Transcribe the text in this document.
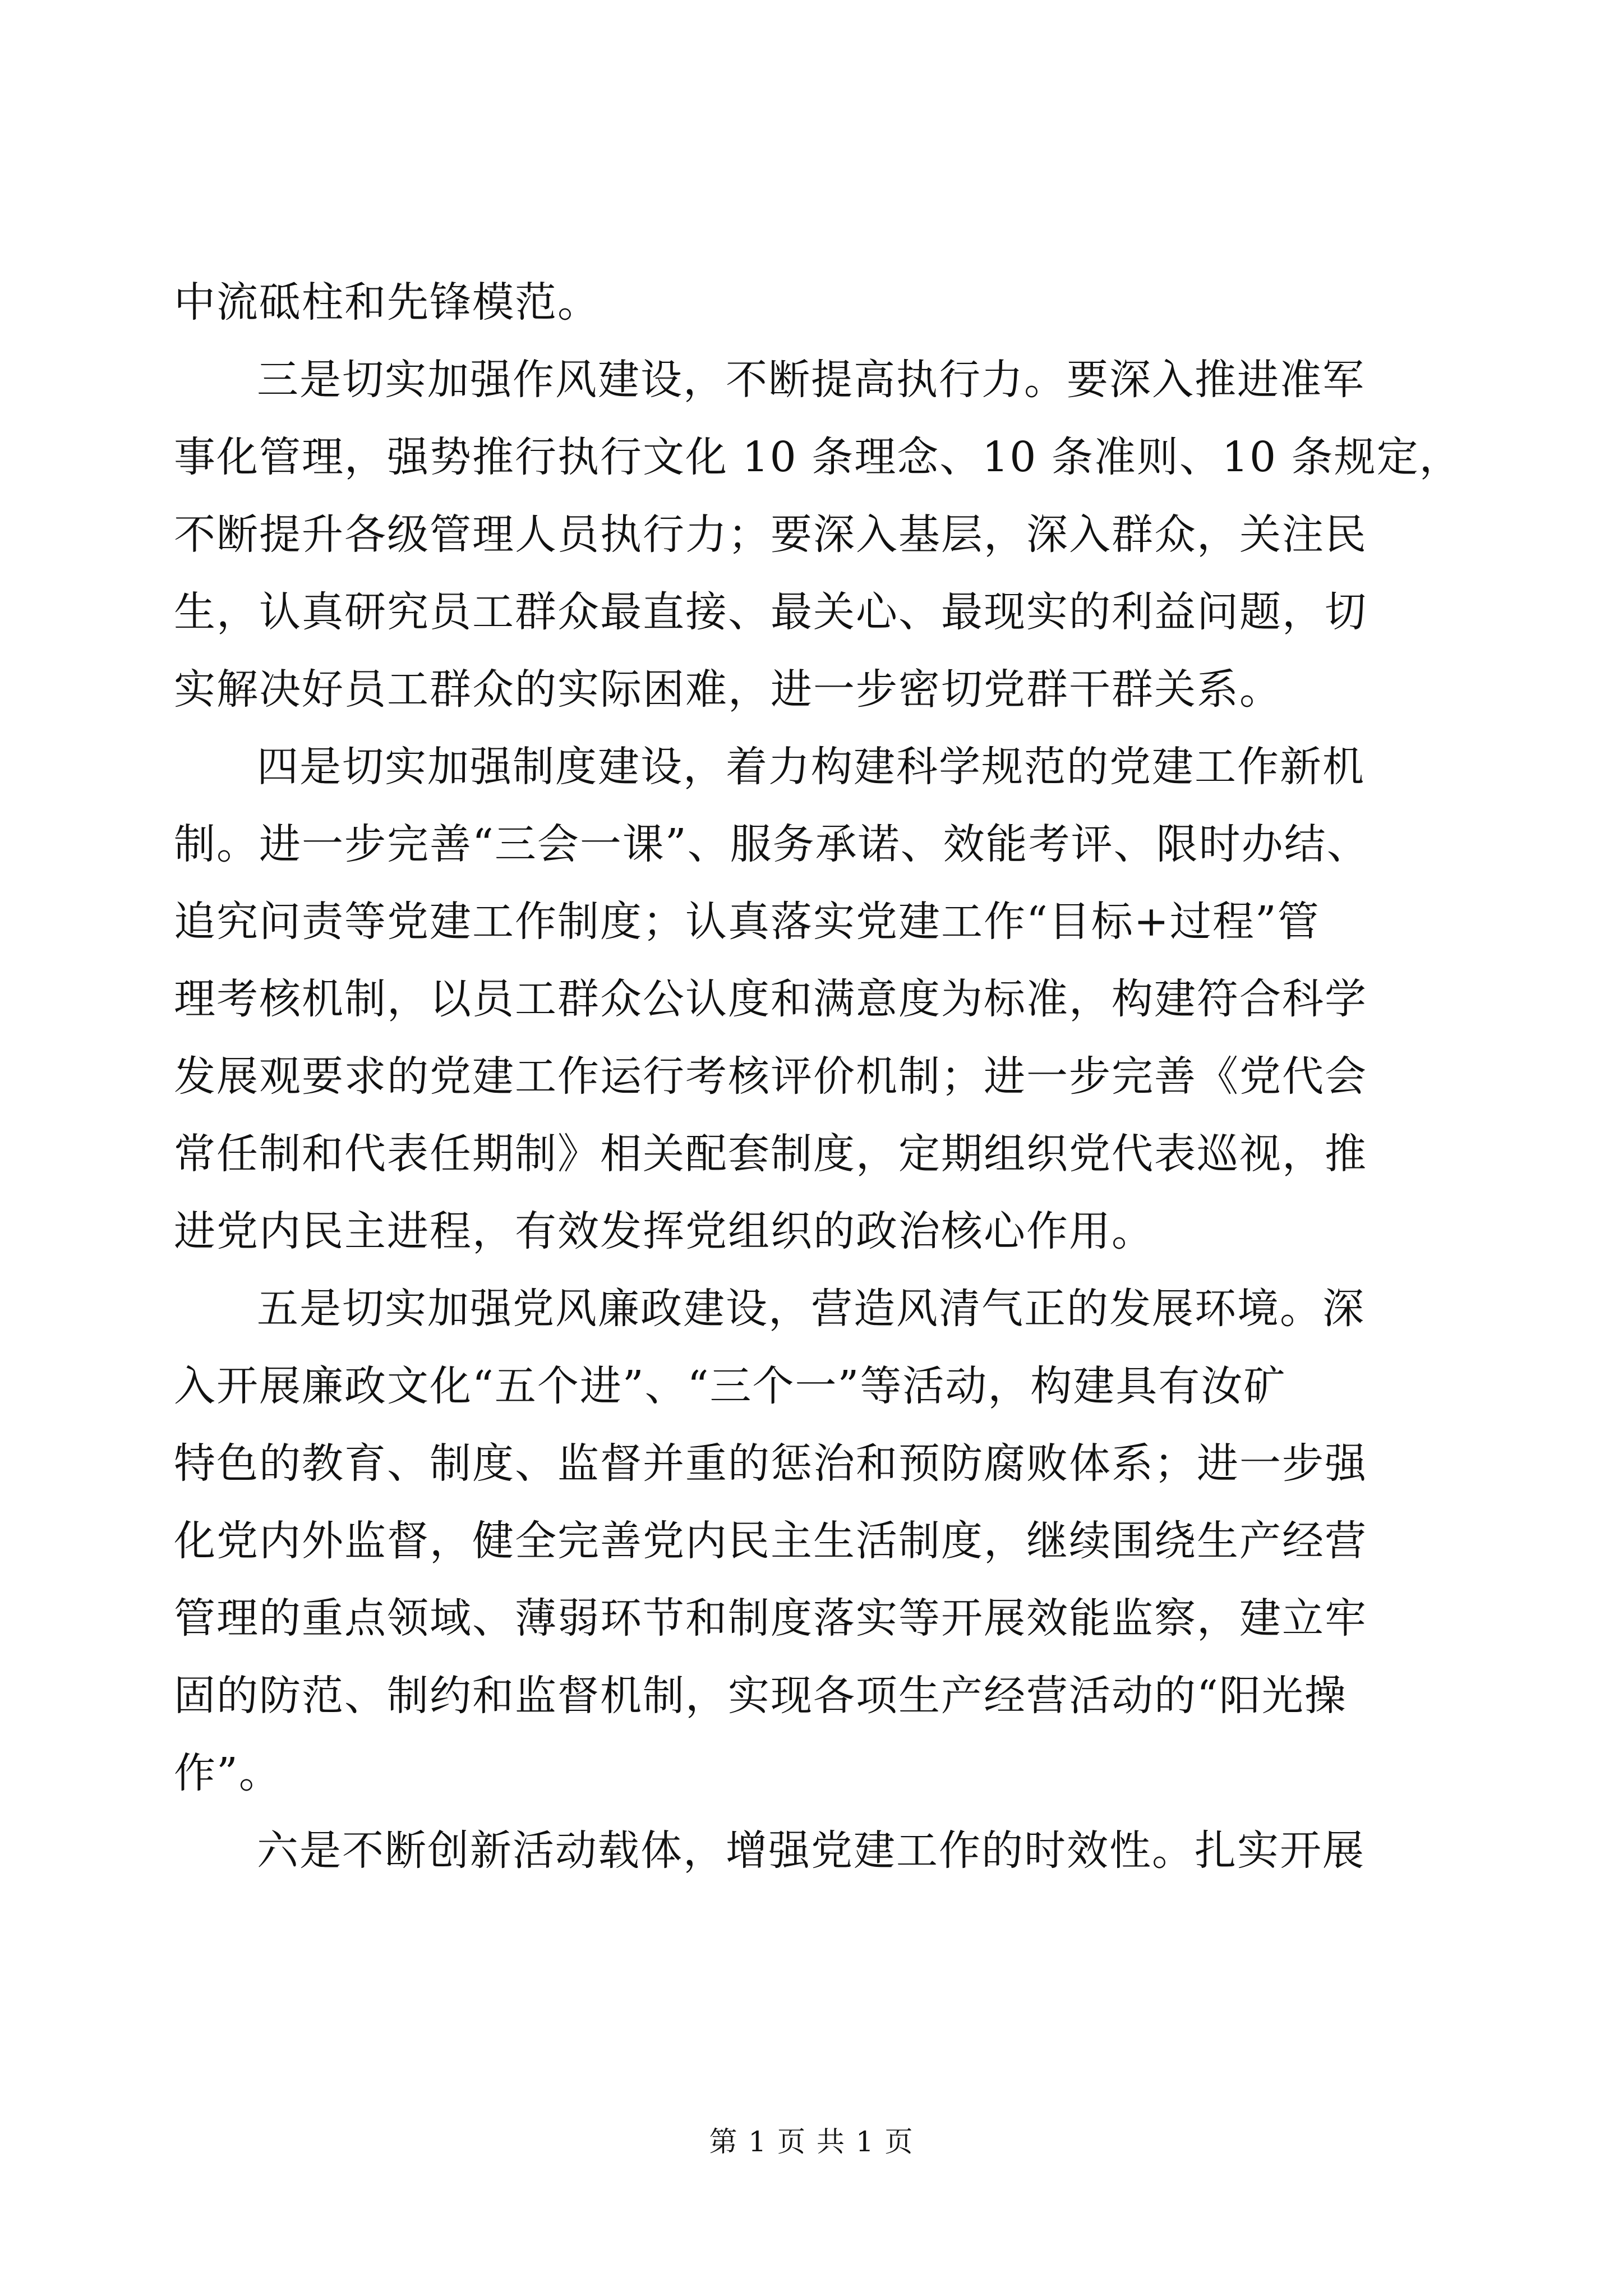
中流砥柱和先锋模范。
三是切实加强作风建设，不断提高执行力。要深入推进准军
事化管理，强势推行执行文化 10 条理念、10 条准则、10 条规定，
不断提升各级管理人员执行力；要深入基层，深入群众，关注民
生，认真研究员工群众最直接、最关心、最现实的利益问题，切
实解决好员工群众的实际困难，进一步密切党群干群关系。
四是切实加强制度建设，着力构建科学规范的党建工作新机
制。进一步完善“三会一课”、服务承诺、效能考评、限时办结、
追究问责等党建工作制度；认真落实党建工作“目标+过程”管
理考核机制，以员工群众公认度和满意度为标准，构建符合科学
发展观要求的党建工作运行考核评价机制；进一步完善《党代会
常任制和代表任期制》相关配套制度，定期组织党代表巡视，推
进党内民主进程，有效发挥党组织的政治核心作用。
五是切实加强党风廉政建设，营造风清气正的发展环境。深
入开展廉政文化“五个进”、“三个一”等活动，构建具有汝矿
特色的教育、制度、监督并重的惩治和预防腐败体系；进一步强
化党内外监督，健全完善党内民主生活制度，继续围绕生产经营
管理的重点领域、薄弱环节和制度落实等开展效能监察，建立牢
固的防范、制约和监督机制，实现各项生产经营活动的“阳光操
作”。
六是不断创新活动载体，增强党建工作的时效性。扎实开展
第 1 页 共 1 页
